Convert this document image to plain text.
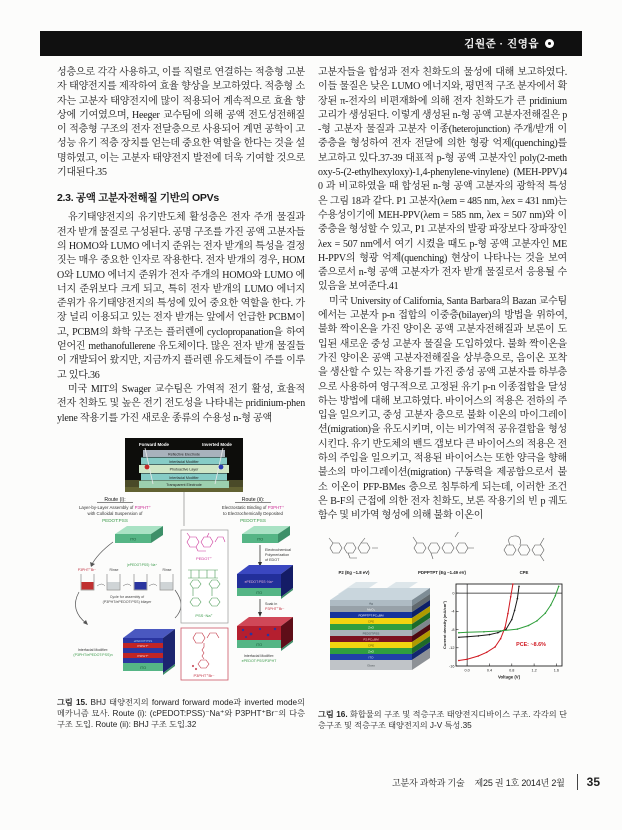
김원준 · 진영읍

성층으로 각각 사용하고, 이를 직렬로 연결하는 적층형 고분자 태양전지를 제작하여 효율 향상을 보고하였다. 적층형 소자는 고분자 태양전지에 많이 적용되어 계속적으로 효율 향상에 기여였으며, Heeger 교수팀에 의해 공액 전도성전해질이 적층형 구조의 전자 전달층으로 사용되어 계면 공학이 고성능 유기 적층 장치를 얻는데 중요한 역할을 한다는 것을 설명하였고, 이는 고분자 태양전지 발전에 더욱 기여할 것으로 기대된다.35

2.3. 공액 고분자전해질 기반의 OPVs

유기태양전지의 유기반도체 활성층은 전자 주개 물질과 전자 받개 물질로 구성된다. 공명 구조를 가진 공액 고분자들의 HOMO와 LUMO 에너지 준위는 전자 받개의 특성을 결정짓는 매우 중요한 인자로 작용한다. 전자 받개의 경우, HOMO와 LUMO 에너지 준위가 전자 주개의 HOMO와 LUMO 에너지 준위보다 크게 되고, 특히 전자 받개의 LUMO 에너지 준위가 유기태양전지의 특성에 있어 중요한 역할을 한다. 가장 널리 이용되고 있는 전자 받개는 앞에서 언급한 PCBM이고, PCBM의 화학 구조는 플러렌에 cyclopropanation을 하여 얻어진 methanofullerene 유도체이다. 많은 전자 받개 물질들이 개발되어 왔지만, 지금까지 플러렌 유도체들이 주를 이루고 있다.36

미국 MIT의 Swager 교수팀은 가역적 전기 활성, 효율적 전자 친화도 및 높은 전기 전도성을 나타내는 pridinium-phenylene 작용기를 가진 새로운 종류의 수용성 n-형 공액

Forward Mode	Inverted Mode
Reflective Electrode
Interfacial Modifier
Photoactive Layer
Interfacial Modifier
Transparent Electrode
Route (i):
Layer-by-Layer Assembly of P3PHT⁺
with Colloidal Suspension of
PEDOT:PSS
Route (ii):
Electrostatic Binding of P3PHT⁺
to Electrochemically Deposited
PEDOT:PSS
ITO
P3PHT⁺Br⁻	Rinse
(ePEDOT:PSS)⁻Na⁺
Rinse
Cycle for assembly of
(P3PHT/ePEDOT:PSS) bilayer
ePEDOT:PSS
P3PHT⁺
P3PHT⁺
ITO
Interfacial Modifier:
(P3PHT/ePEDOT:PSS)n
PEDOT⁺
PSS⁻Na⁺
P3PHT⁺Br⁻
ITO
Electrochemical
Polymerization
of EDOT
ePEDOT:PSS⁻Na⁺
ITO
Soak in
P3PHT⁺Br⁻
ITO
Interfacial Modifier:
ePEDOT:PSS/P3PHT

그림 15. BHJ 태양전지의 forward forward mode과 inverted mode의 메카니즘 묘사. Route (i): (cPEDOT:PSS)⁻Na⁺와 P3PHT⁺Br⁻의 다층구조 도입. Route (ii): BHJ 구조 도입.32

고분자들을 합성과 전자 친화도의 물성에 대해 보고하였다. 이들 물질은 낮은 LUMO 에너지와, 평면적 구조 분자에서 확장된 π-전자의 비편재화에 의해 전자 친화도가 큰 pridinium 고리가 생성된다. 이렇게 생성된 n-형 공액 고분자전해질은 p-형 고분자 물질과 고분자 이종(heterojunction) 주개/받개 이중층을 형성하여 전자 전달에 의한 형광 억제(quenching)를 보고하고 있다.37-39 대표적 p-형 공액 고분자인 poly(2-methoxy-5-(2-ethylhexyloxy)-1,4-phenylene-vinylene) (MEH-PPV)40 과 비교하였을 때 합성된 n-형 공액 고분자의 광학적 특성은 그림 18과 같다. P1 고분자(λem = 485 nm, λex = 431 nm)는 수용성이기에 MEH-PPV(λem = 585 nm, λex = 507 nm)와 이중층을 형성할 수 있고, P1 고분자의 발광 파장보다 장파장인 λex = 507 nm에서 여기 시켰을 때도 p-형 공액 고분자인 MEH-PPV의 형광 억제(quenching) 현상이 나타나는 것을 보여 줌으로서 n-형 공액 고분자가 전자 받개 물질로서 응용될 수 있음을 보여준다.41

미국 University of California, Santa Barbara의 Bazan 교수팀에서는 고분자 p-n 접합의 이중층(bilayer)의 방법을 위하여, 불화 짝이온을 가진 양이온 공액 고분자전해질과 보론이 도입된 새로운 중성 고분자 물질을 도입하였다. 불화 짝이온을 가진 양이온 공액 고분자전해질을 상부층으로, 음이온 포착을 생산할 수 있는 작용기를 가진 중성 공액 고분자를 하부층으로 사용하여 영구적으로 고정된 유기 p-n 이종접합을 달성하는 방법에 대해 보고하였다. 바이어스의 적용은 전하의 주입을 일으키고, 중성 고분자 층으로 불화 이온의 마이그레이션(migration)을 유도시키며, 이는 비가역적 공유결합을 형성시킨다. 유기 반도체의 밴드 갭보다 큰 바이어스의 적용은 전하의 주입을 일으키고, 적용된 바이어스는 또한 양극을 향해 불소의 마이그레이션(migration) 구동력을 제공함으로서 불소 이온이 PFP-BMes 층으로 침투하게 되는데, 이러한 조건은 B-F의 근접에 의한 전자 친화도, 보론 작용기의 빈 p 궤도 함수 및 비가역 형성에 의해 불화 이온이

P2 (Eg ~1.8 eV)	PDPPTPT (Eg ~1.49 eV)	CPE
Ag
MoO₃
PDPPTPT:PC₇₁BM
CPE
ZnO
PEDOT:PSS
P2:PC₇₁BM
CPE
ZnO
ITO
Glass
0.0	0.4	0.8	1.2	1.6
0
-4
-8
-12
-16
Voltage (V)
Current density (mA/cm²)	PCE: ~8.6%

그림 16. 화합물의 구조 및 적층구조 태양전지디바이스 구조. 각각의 단층구조 및 적층구조 태양전지의 J-V 특성.35

고분자 과학과 기술 제25 권 1호 2014년 2월 35
